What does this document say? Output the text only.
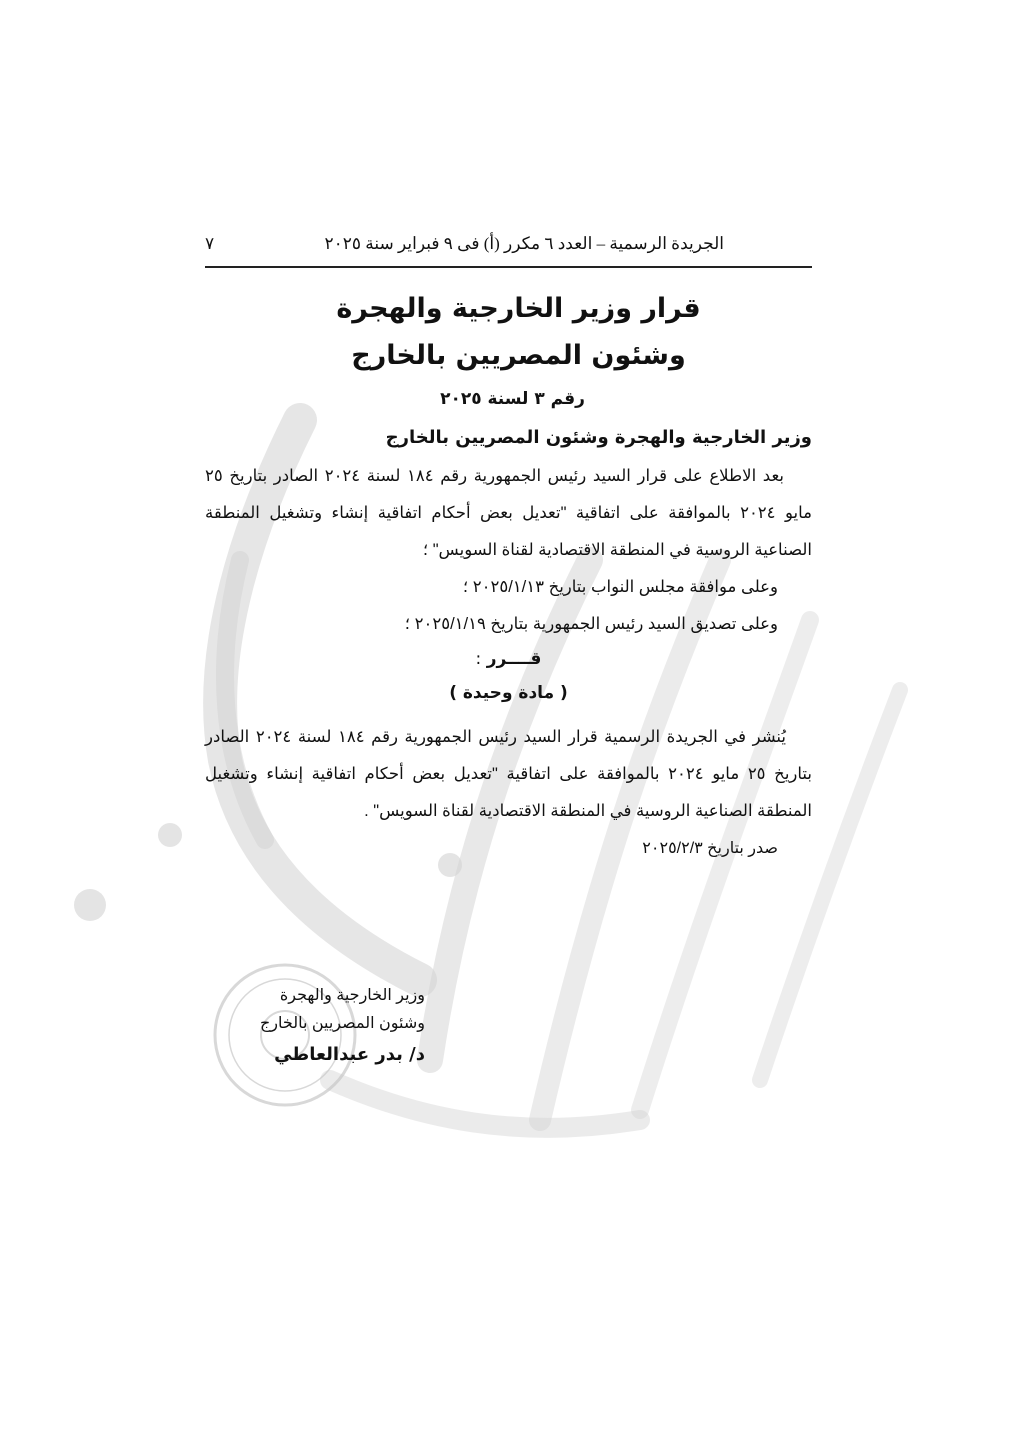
الجريدة الرسمية – العدد ٦ مكرر (أ) فى ٩ فبراير سنة ٢٠٢٥
٧
قرار وزير الخارجية والهجرة
وشئون المصريين بالخارج
رقم ٣ لسنة ٢٠٢٥
وزير الخارجية والهجرة وشئون المصريين بالخارج
بعد الاطلاع على قرار السيد رئيس الجمهورية رقم ١٨٤ لسنة ٢٠٢٤ الصادر بتاريخ ٢٥ مايو ٢٠٢٤ بالموافقة على اتفاقية "تعديل بعض أحكام اتفاقية إنشاء وتشغيل المنطقة الصناعية الروسية في المنطقة الاقتصادية لقناة السويس" ؛
وعلى موافقة مجلس النواب بتاريخ ٢٠٢٥/١/١٣ ؛
وعلى تصديق السيد رئيس الجمهورية بتاريخ ٢٠٢٥/١/١٩ ؛
قــــرر :
( مادة وحيدة )
يُنشر في الجريدة الرسمية قرار السيد رئيس الجمهورية رقم ١٨٤ لسنة ٢٠٢٤ الصادر بتاريخ ٢٥ مايو ٢٠٢٤ بالموافقة على اتفاقية "تعديل بعض أحكام اتفاقية إنشاء وتشغيل المنطقة الصناعية الروسية في المنطقة الاقتصادية لقناة السويس" .
صدر بتاريخ ٢٠٢٥/٢/٣
وزير الخارجية والهجرة
وشئون المصريين بالخارج
د/ بدر عبدالعاطي
